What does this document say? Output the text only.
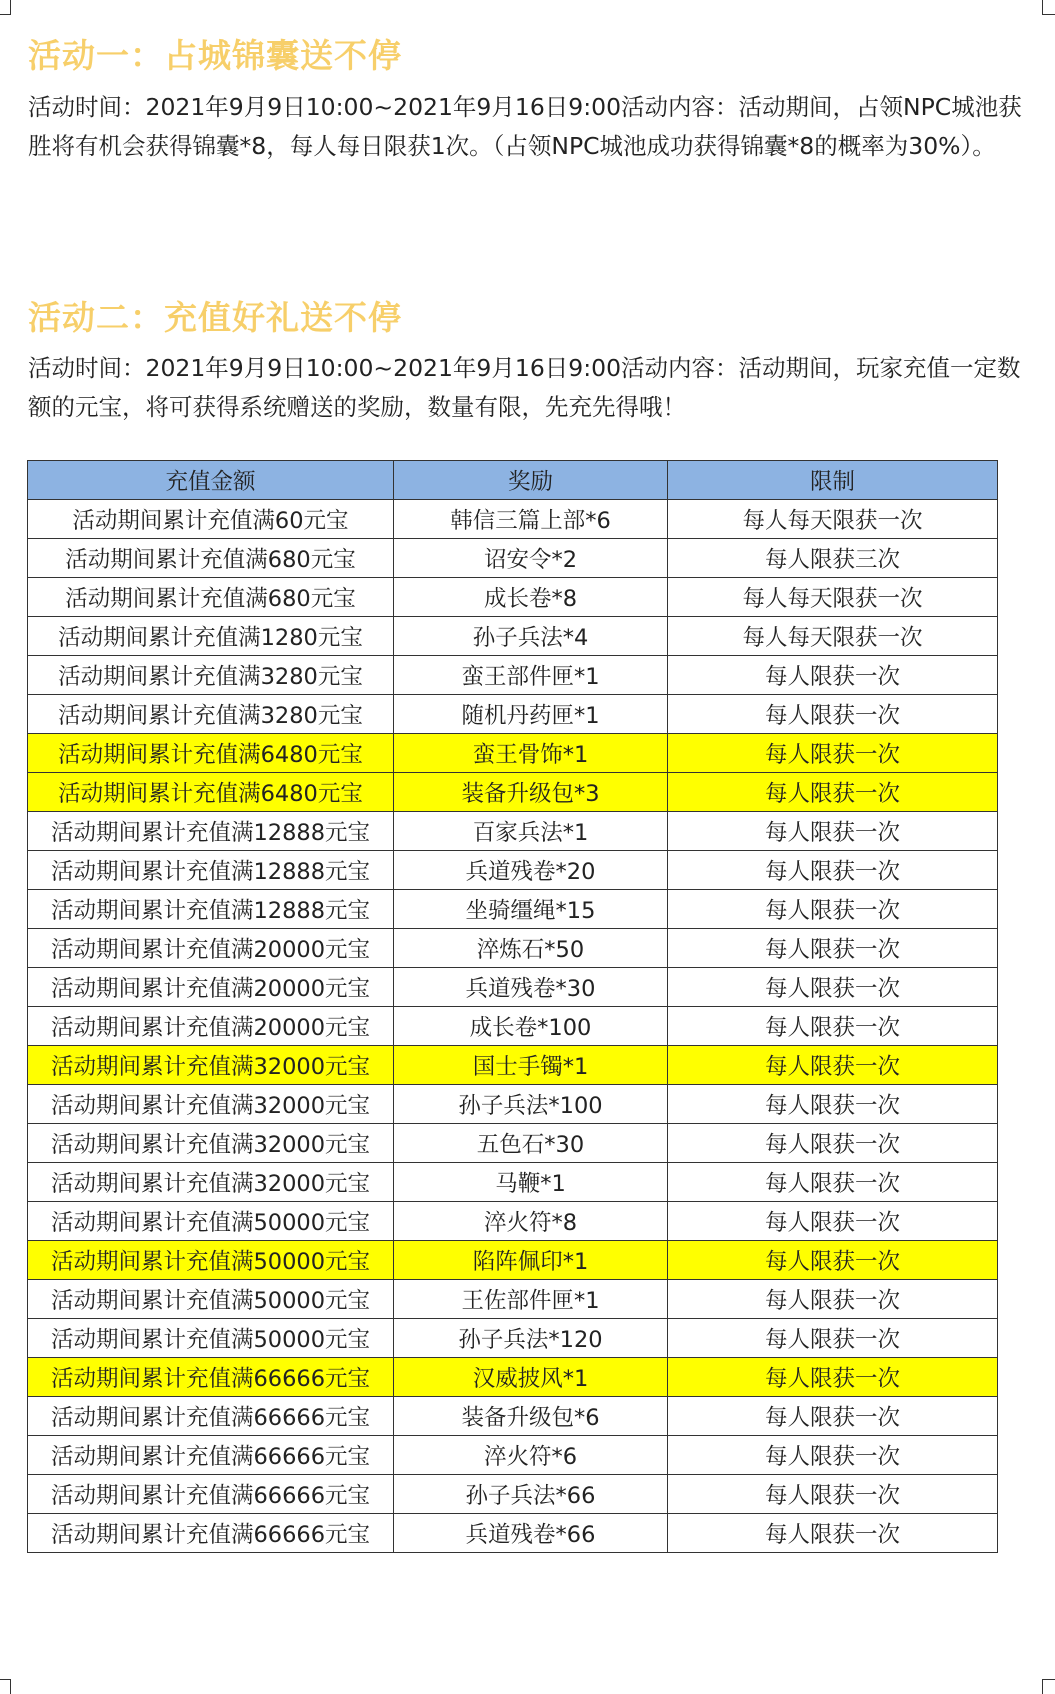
活动一：占城锦囊送不停

活动时间：2021年9月9日10:00~2021年9月16日9:00活动内容：活动期间，占领NPC城池获胜将有机会获得锦囊*8，每人每日限获1次。（占领NPC城池成功获得锦囊*8的概率为30%）。

活动二：充值好礼送不停

活动时间：2021年9月9日10:00~2021年9月16日9:00活动内容：活动期间，玩家充值一定数额的元宝，将可获得系统赠送的奖励，数量有限，先充先得哦！

充值金额	奖励	限制
活动期间累计充值满60元宝	韩信三篇上部*6	每人每天限获一次
活动期间累计充值满680元宝	诏安令*2	每人限获三次
活动期间累计充值满680元宝	成长卷*8	每人每天限获一次
活动期间累计充值满1280元宝	孙子兵法*4	每人每天限获一次
活动期间累计充值满3280元宝	蛮王部件匣*1	每人限获一次
活动期间累计充值满3280元宝	随机丹药匣*1	每人限获一次
活动期间累计充值满6480元宝	蛮王骨饰*1	每人限获一次
活动期间累计充值满6480元宝	装备升级包*3	每人限获一次
活动期间累计充值满12888元宝	百家兵法*1	每人限获一次
活动期间累计充值满12888元宝	兵道残卷*20	每人限获一次
活动期间累计充值满12888元宝	坐骑缰绳*15	每人限获一次
活动期间累计充值满20000元宝	淬炼石*50	每人限获一次
活动期间累计充值满20000元宝	兵道残卷*30	每人限获一次
活动期间累计充值满20000元宝	成长卷*100	每人限获一次
活动期间累计充值满32000元宝	国士手镯*1	每人限获一次
活动期间累计充值满32000元宝	孙子兵法*100	每人限获一次
活动期间累计充值满32000元宝	五色石*30	每人限获一次
活动期间累计充值满32000元宝	马鞭*1	每人限获一次
活动期间累计充值满50000元宝	淬火符*8	每人限获一次
活动期间累计充值满50000元宝	陷阵佩印*1	每人限获一次
活动期间累计充值满50000元宝	王佐部件匣*1	每人限获一次
活动期间累计充值满50000元宝	孙子兵法*120	每人限获一次
活动期间累计充值满66666元宝	汉威披风*1	每人限获一次
活动期间累计充值满66666元宝	装备升级包*6	每人限获一次
活动期间累计充值满66666元宝	淬火符*6	每人限获一次
活动期间累计充值满66666元宝	孙子兵法*66	每人限获一次
活动期间累计充值满66666元宝	兵道残卷*66	每人限获一次
